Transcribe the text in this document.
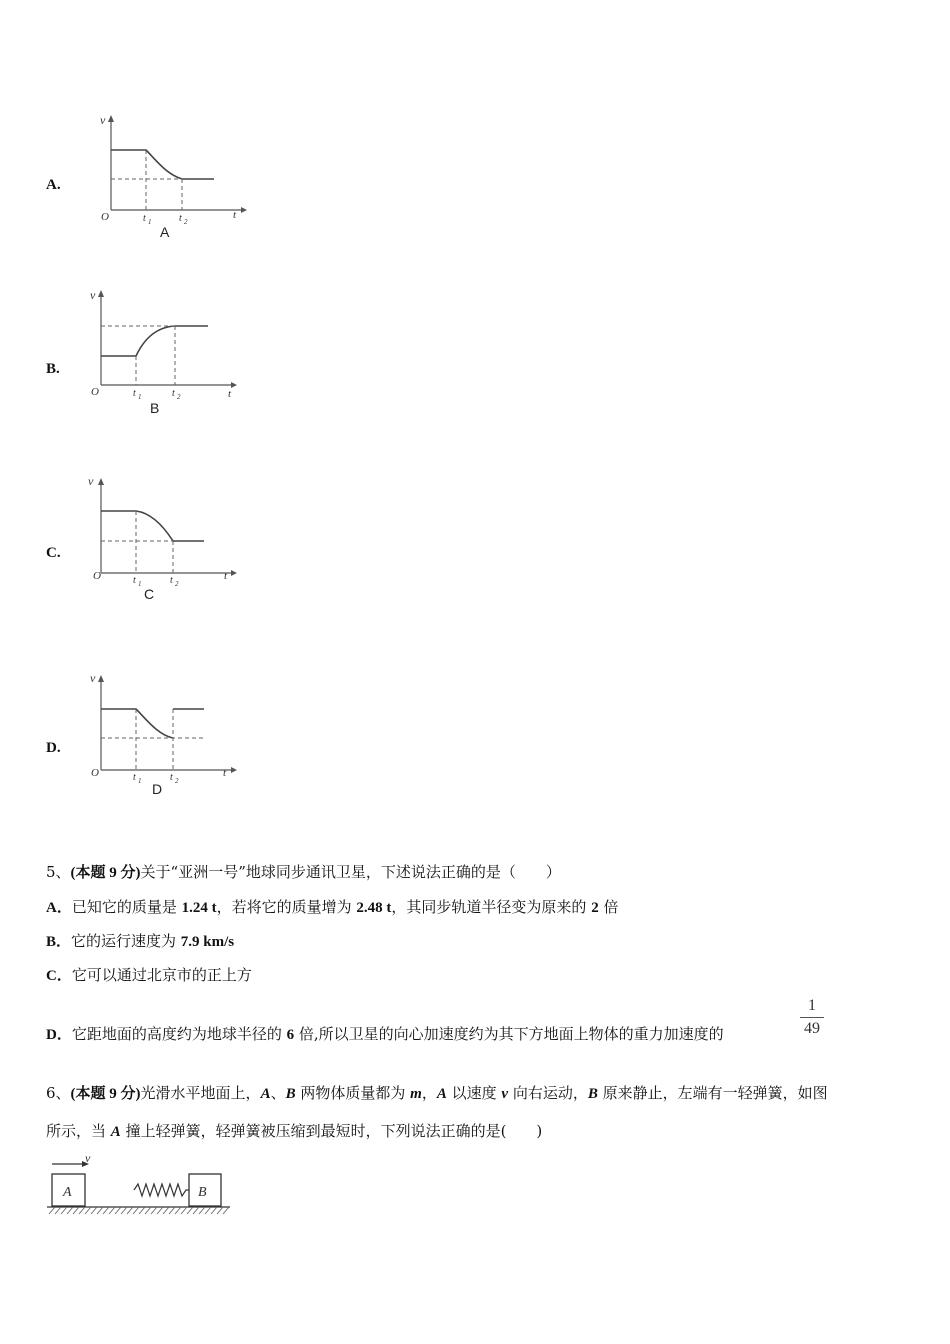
A.
v
O	t 1	t 2
t
A
B.
v
O	t 1	t 2	t
B
C.
v
O	t 1	t 2
t
C
D.
v
O	t 1	t 2
t
D
5、(本题 9 分)关于“亚洲一号”地球同步通讯卫星，下述说法正确的是（　　）
A．已知它的质量是 1.24 t，若将它的质量增为 2.48 t，其同步轨道半径变为原来的 2 倍
B．它的运行速度为 7.9 km/s
C．它可以通过北京市的正上方
D．它距地面的高度约为地球半径的 6 倍,所以卫星的向心加速度约为其下方地面上物体的重力加速度的
1
49
6、(本题 9 分)光滑水平地面上，A、B 两物体质量都为 m，A 以速度 v 向右运动，B 原来静止，左端有一轻弹簧，如图
所示，当 A 撞上轻弹簧，轻弹簧被压缩到最短时，下列说法正确的是(　　)
v
A	B
